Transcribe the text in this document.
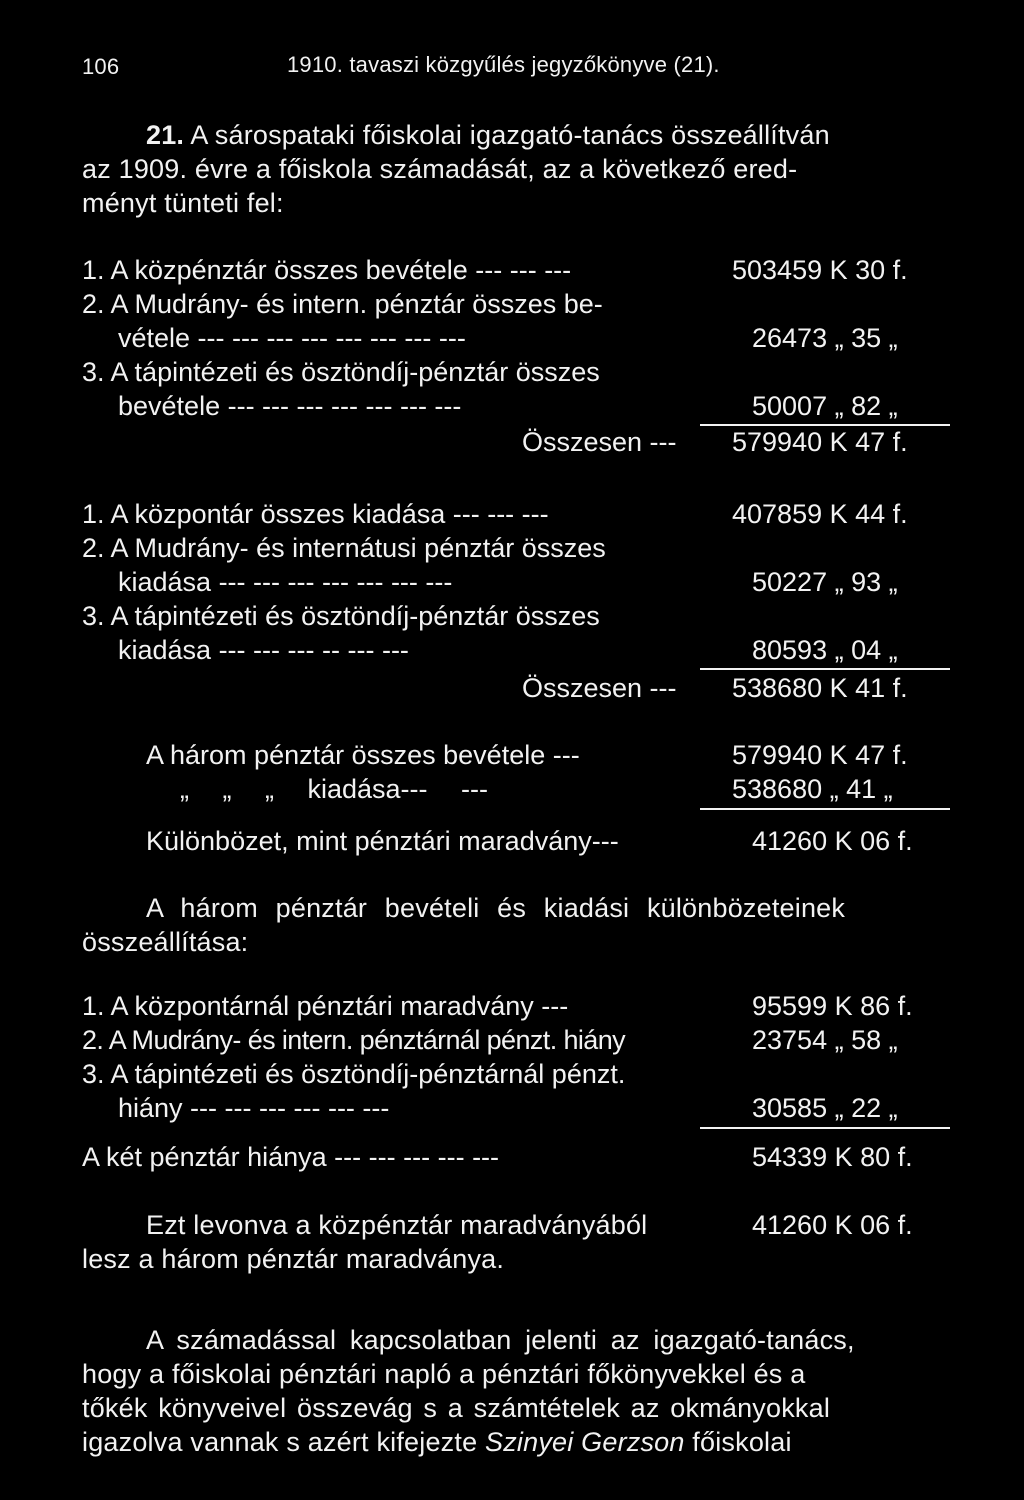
106	1910. tavaszi közgyűlés jegyzőkönyve (21).
21. A sárospataki főiskolai igazgató-tanács összeállítván
az 1909. évre a főiskola számadását, az a következő ered-
ményt tünteti fel:
1. A közpénztár összes bevétele --- --- ---	503459 K 30 f.
2. A Mudrány- és intern. pénztár összes be-
vétele --- --- --- --- --- --- --- ---	26473 „ 35 „
3. A tápintézeti és ösztöndíj-pénztár összes
bevétele --- --- --- --- --- --- ---	50007 „ 82 „
Összesen --- 579940 K 47 f.
1. A központár összes kiadása --- --- ---	407859 K 44 f.
2. A Mudrány- és internátusi pénztár összes
kiadása --- --- --- --- --- --- ---	50227 „ 93 „
3. A tápintézeti és ösztöndíj-pénztár összes
kiadása --- --- --- -- --- ---	80593 „ 04 „
Összesen --- 538680 K 41 f.
A három pénztár összes bevétele ---	579940 K 47 f.
„ „ „ kiadása--- ---	538680 „ 41 „
Különbözet, mint pénztári maradvány---	41260 K 06 f.
A három pénztár bevételi és kiadási különbözeteinek
összeállítása:
1. A központárnál pénztári maradvány ---	95599 K 86 f.
2. A Mudrány- és intern. pénztárnál pénzt. hiány	23754 „ 58 „
3. A tápintézeti és ösztöndíj-pénztárnál pénzt.
hiány --- --- --- --- --- ---	30585 „ 22 „
A két pénztár hiánya --- --- --- --- ---	54339 K 80 f.
Ezt levonva a közpénztár maradványából	41260 K 06 f.
lesz a három pénztár maradványa.
A számadással kapcsolatban jelenti az igazgató-tanács,
hogy a főiskolai pénztári napló a pénztári főkönyvekkel és a
tőkék könyveivel összevág s a számtételek az okmányokkal
igazolva vannak s azért kifejezte Szinyei Gerzson főiskolai
